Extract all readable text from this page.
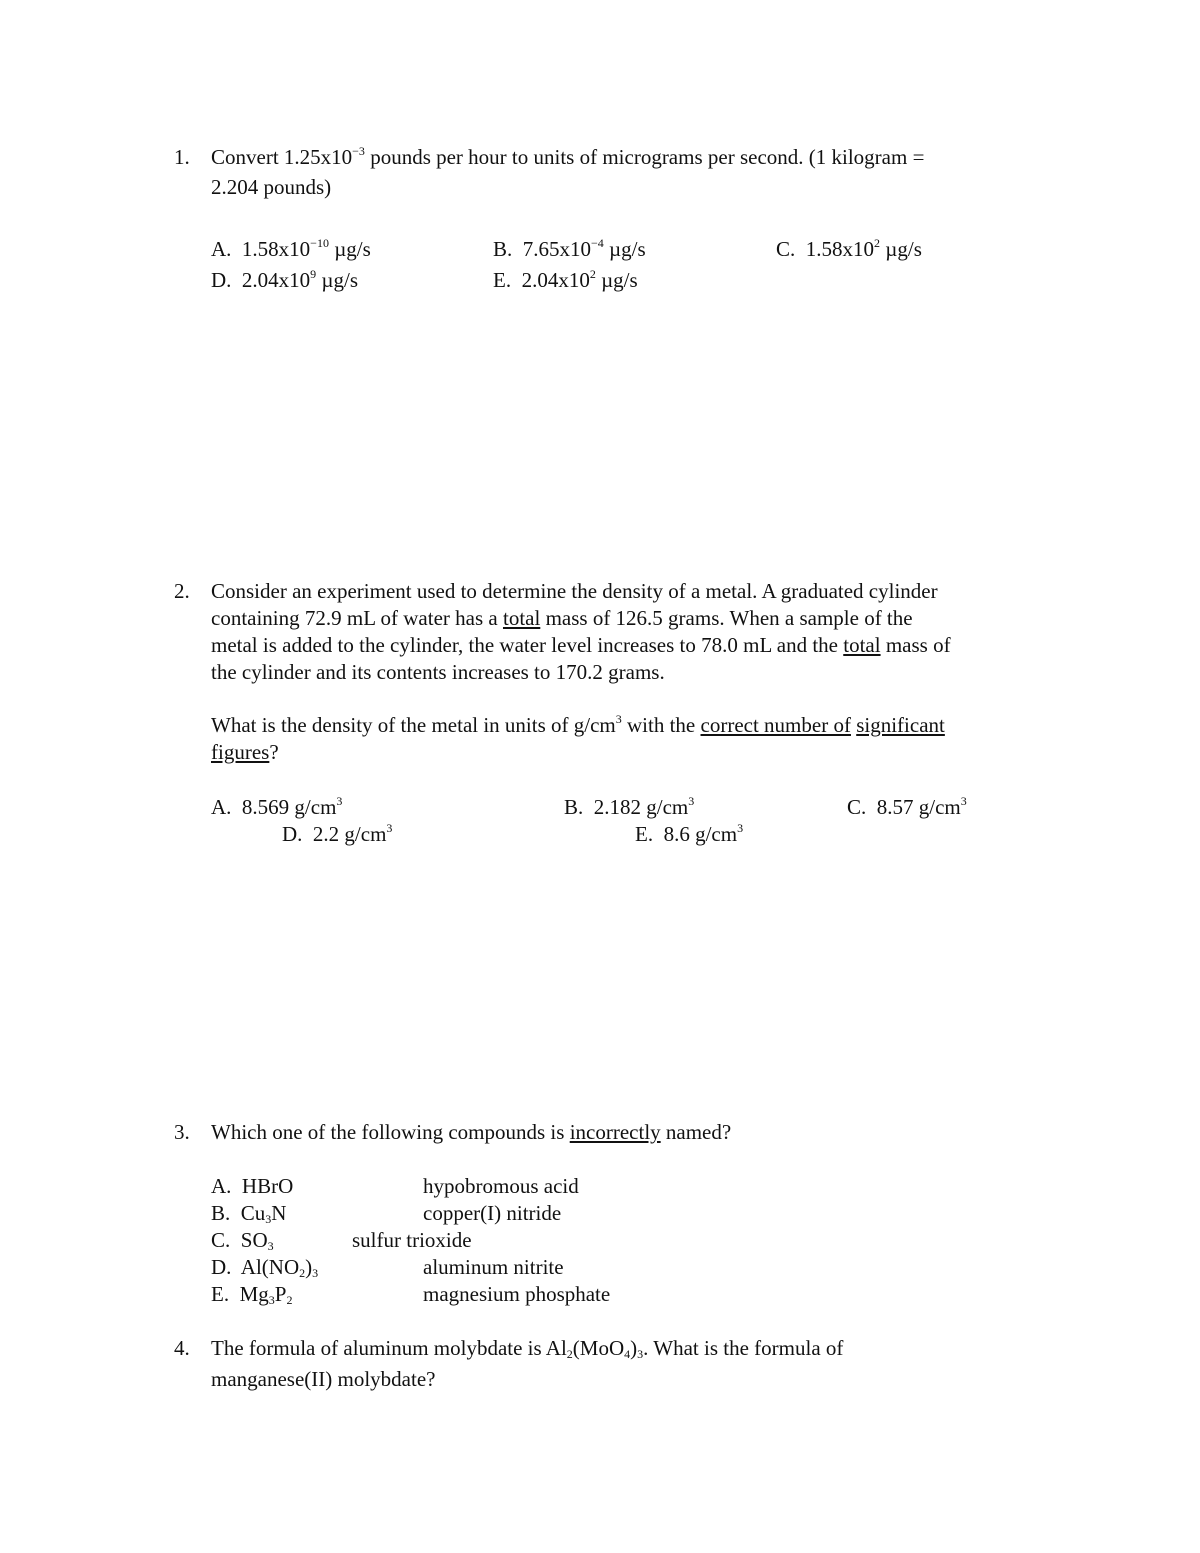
1. Convert $1.25x10^{-3}$ pounds per hour to units of micrograms per second. (1 kilogram =
2.204 pounds)
A. $1.58x10^{-10}$ µg/s	B. $7.65x10^{-4}$ µg/s	C. $1.58x10^2$ µg/s
D. $2.04x10^9$ µg/s	E. $2.04x10^2$ µg/s
2. Consider an experiment used to determine the density of a metal. A graduated cylinder
containing 72.9 mL of water has a total mass of 126.5 grams. When a sample of the
metal is added to the cylinder, the water level increases to 78.0 mL and the total mass of
the cylinder and its contents increases to 170.2 grams.
What is the density of the metal in units of $g/cm^3$ with the correct number of significant
figures?
A. 8.569 $g/cm^3$	B. 2.182 $g/cm^3$	C. 8.57 $g/cm^3$
D. 2.2 $g/cm^3$	E. 8.6 $g/cm^3$
3. Which one of the following compounds is incorrectly named?
A. HBrO	hypobromous acid
B. $Cu_3N$	copper(I) nitride
C. $SO_3$	sulfur trioxide
D. $Al(NO_2)_3$	aluminum nitrite
E. $Mg_3P_2$	magnesium phosphate
4. The formula of aluminum molybdate is $Al_2(MoO_4)_3$. What is the formula of
manganese(II) molybdate?
